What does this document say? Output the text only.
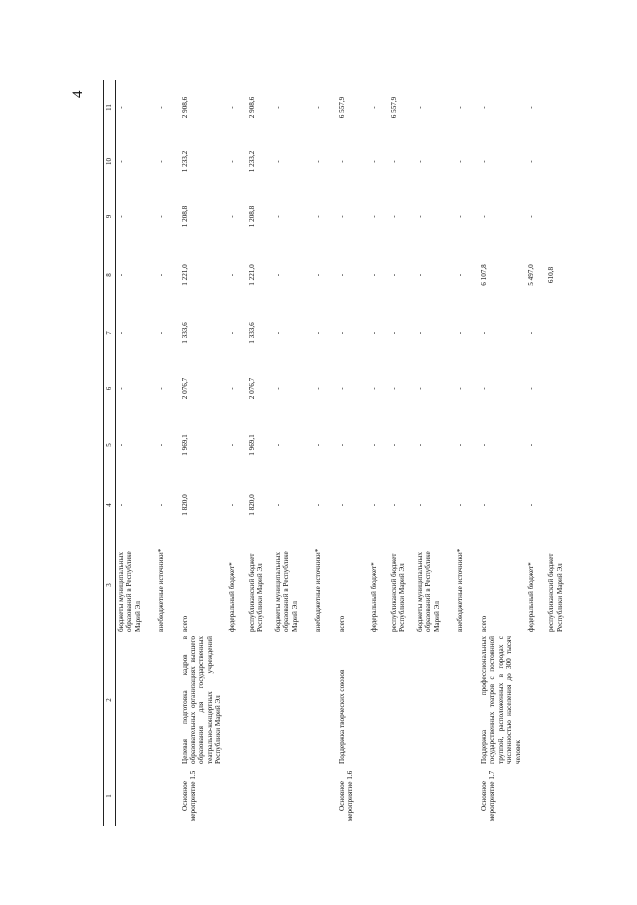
4
1	2	3	4	5	6	7	8	9	10	11
		бюджеты муниципальных образований в Республике Марий Эл	-	-	-	-	-	-	-	-
		внебюджетные источники*	-	-	-	-	-	-	-	-
Основное мероприятие 1.5	Целевая подготовка кадров в образовательных организациях высшего образования для государственных театрально-концертных учреждений Республики Марий Эл	всего	1 820,0	1 969,1	2 076,7	1 333,6	1 221,0	1 208,8	1 233,2	2 908,6
		федеральный бюджет*	-	-	-	-	-	-	-	-
		республиканский бюджет Республики Марий Эл	1 820,0	1 969,1	2 076,7	1 333,6	1 221,0	1 208,8	1 233,2	2 908,6
		бюджеты муниципальных образований в Республике Марий Эл	-	-	-	-	-	-	-	-
		внебюджетные источники*	-	-	-	-	-	-	-	-
Основное мероприятие 1.6	Поддержка творческих союзов	всего	-	-	-	-	-	-	-	6 557,9
		федеральный бюджет*	-	-	-	-	-	-	-	-
		республиканский бюджет Республики Марий Эл	-	-	-	-	-	-	-	6 557,9
		бюджеты муниципальных образований в Республике Марий Эл	-	-	-	-	-	-	-	-
		внебюджетные источники*	-	-	-	-	-	-	-	-
Основное мероприятие 1.7	Поддержка профессиональных государственных театров с постоянной труппой, расположенных в городах с численностью населения до 300 тысяч человек	всего	-	-	-	-	6 107,8	-	-	-
		федеральный бюджет*	-	-	-	-	5 497,0	-	-	-
		республиканский бюджет Республики Марий Эл					610,8			
